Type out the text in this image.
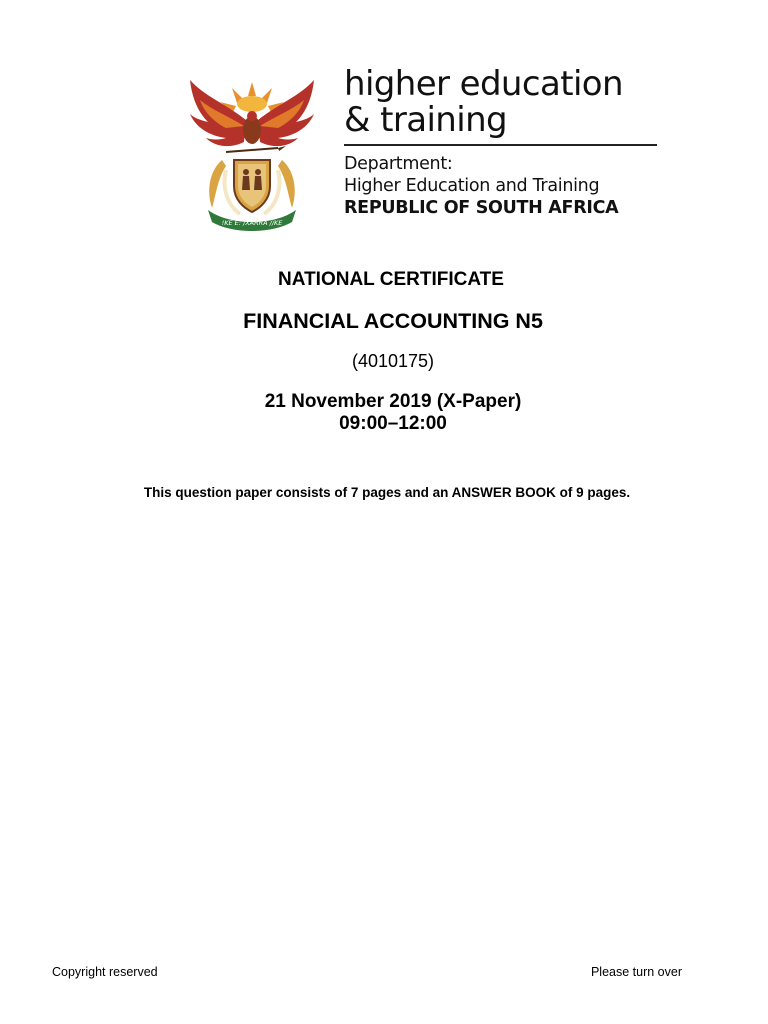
!KE E: /XARRA //KE
higher education
& training
Department:
Higher Education and Training
REPUBLIC OF SOUTH AFRICA
NATIONAL CERTIFICATE
FINANCIAL ACCOUNTING N5
(4010175)
21 November 2019 (X-Paper)
09:00–12:00
This question paper consists of 7 pages and an ANSWER BOOK of 9 pages.
Copyright reserved	Please turn over
